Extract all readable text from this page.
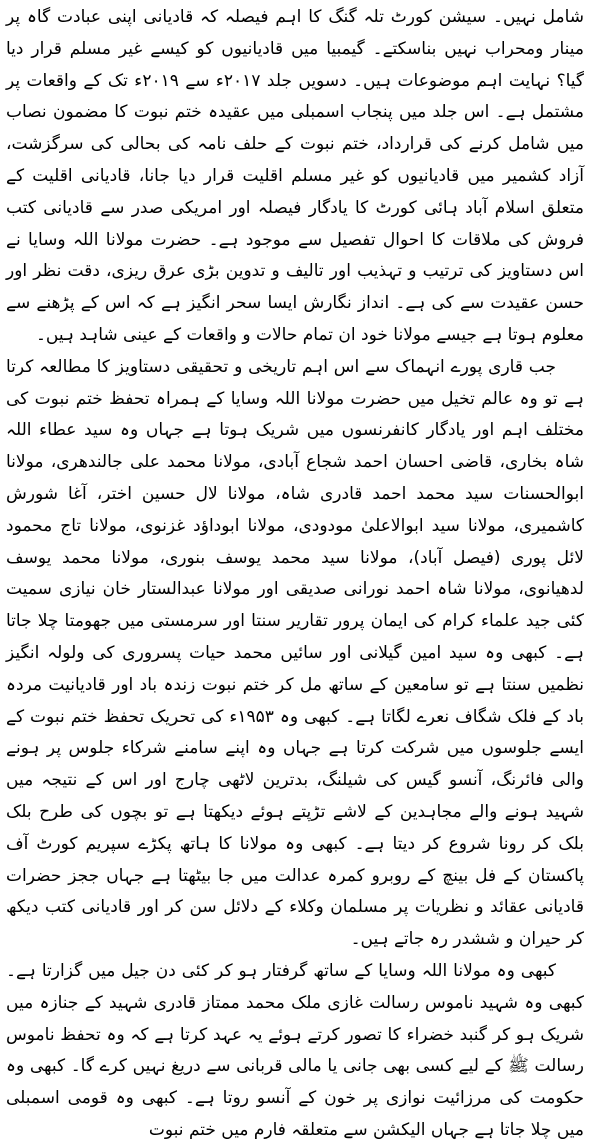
شامل نہیں۔ سیشن کورٹ تلہ گنگ کا اہم فیصلہ کہ قادیانی اپنی عبادت گاہ پر مینار ومحراب نہیں بناسکتے۔ گیمبیا میں قادیانیوں کو کیسے غیر مسلم قرار دیا گیا؟ نہایت اہم موضوعات ہیں۔ دسویں جلد ۲۰۱۷ء سے ۲۰۱۹ء تک کے واقعات پر مشتمل ہے۔ اس جلد میں پنجاب اسمبلی میں عقیدہ ختم نبوت کا مضمون نصاب میں شامل کرنے کی قرارداد، ختم نبوت کے حلف نامہ کی بحالی کی سرگزشت، آزاد کشمیر میں قادیانیوں کو غیر مسلم اقلیت قرار دیا جانا، قادیانی اقلیت کے متعلق اسلام آباد ہائی کورٹ کا یادگار فیصلہ اور امریکی صدر سے قادیانی کتب فروش کی ملاقات کا احوال تفصیل سے موجود ہے۔ حضرت مولانا اللہ وسایا نے اس دستاویز کی ترتیب و تہذیب اور تالیف و تدوین بڑی عرق ریزی، دقت نظر اور حسن عقیدت سے کی ہے۔ انداز نگارش ایسا سحر انگیز ہے کہ اس کے پڑھنے سے معلوم ہوتا ہے جیسے مولانا خود ان تمام حالات و واقعات کے عینی شاہد ہیں۔

جب قاری پورے انہماک سے اس اہم تاریخی و تحقیقی دستاویز کا مطالعہ کرتا ہے تو وہ عالم تخیل میں حضرت مولانا اللہ وسایا کے ہمراہ تحفظ ختم نبوت کی مختلف اہم اور یادگار کانفرنسوں میں شریک ہوتا ہے جہاں وہ سید عطاء اللہ شاہ بخاری، قاضی احسان احمد شجاع آبادی، مولانا محمد علی جالندھری، مولانا ابوالحسنات سید محمد احمد قادری شاہ، مولانا لال حسین اختر، آغا شورش کاشمیری، مولانا سید ابوالاعلیٰ مودودی، مولانا ابوداؤد غزنوی، مولانا تاج محمود لائل پوری (فیصل آباد)، مولانا سید محمد یوسف بنوری، مولانا محمد یوسف لدھیانوی، مولانا شاہ احمد نورانی صدیقی اور مولانا عبدالستار خان نیازی سمیت کئی جید علماء کرام کی ایمان پرور تقاریر سنتا اور سرمستی میں جھومتا چلا جاتا ہے۔ کبھی وہ سید امین گیلانی اور سائیں محمد حیات پسروری کی ولولہ انگیز نظمیں سنتا ہے تو سامعین کے ساتھ مل کر ختم نبوت زندہ باد اور قادیانیت مردہ باد کے فلک شگاف نعرے لگاتا ہے۔ کبھی وہ ۱۹۵۳ء کی تحریک تحفظ ختم نبوت کے ایسے جلوسوں میں شرکت کرتا ہے جہاں وہ اپنے سامنے شرکاء جلوس پر ہونے والی فائرنگ، آنسو گیس کی شیلنگ، بدترین لاٹھی چارج اور اس کے نتیجہ میں شہید ہونے والے مجاہدین کے لاشے تڑپتے ہوئے دیکھتا ہے تو بچوں کی طرح بلک بلک کر رونا شروع کر دیتا ہے۔ کبھی وہ مولانا کا ہاتھ پکڑے سپریم کورٹ آف پاکستان کے فل بینچ کے روبرو کمرہ عدالت میں جا بیٹھتا ہے جہاں ججز حضرات قادیانی عقائد و نظریات پر مسلمان وکلاء کے دلائل سن کر اور قادیانی کتب دیکھ کر حیران و ششدر رہ جاتے ہیں۔

کبھی وہ مولانا اللہ وسایا کے ساتھ گرفتار ہو کر کئی دن جیل میں گزارتا ہے۔ کبھی وہ شہید ناموس رسالت غازی ملک محمد ممتاز قادری شہید کے جنازہ میں شریک ہو کر گنبد خضراء کا تصور کرتے ہوئے یہ عہد کرتا ہے کہ وہ تحفظ ناموس رسالت ﷺ کے لیے کسی بھی جانی یا مالی قربانی سے دریغ نہیں کرے گا۔ کبھی وہ حکومت کی مرزائیت نوازی پر خون کے آنسو روتا ہے۔ کبھی وہ قومی اسمبلی میں چلا جاتا ہے جہاں الیکشن سے متعلقہ فارم میں ختم نبوت
